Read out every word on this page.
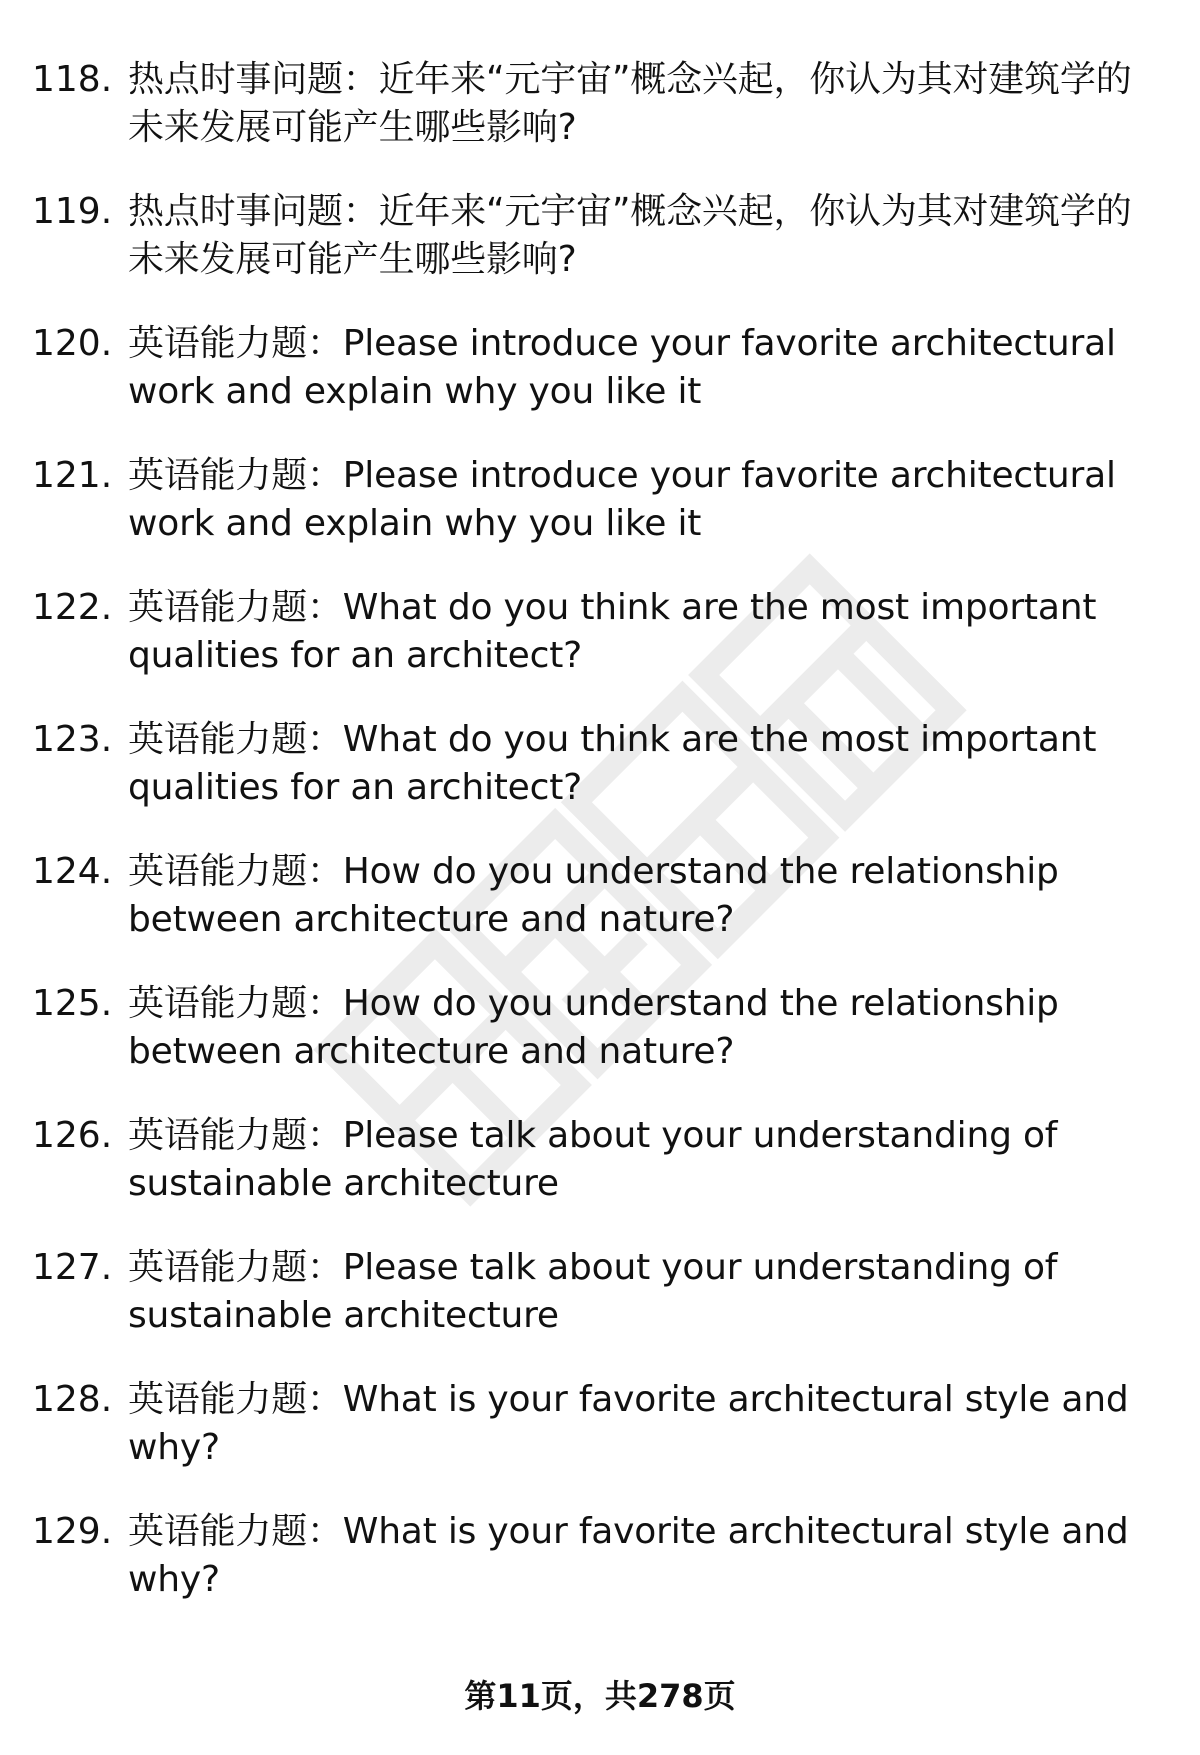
118. 热点时事问题：近年来“元宇宙”概念兴起，你认为其对建筑学的未来发展可能产生哪些影响?
119. 热点时事问题：近年来“元宇宙”概念兴起，你认为其对建筑学的未来发展可能产生哪些影响?
120. 英语能力题：Please introduce your favorite architectural work and explain why you like it
121. 英语能力题：Please introduce your favorite architectural work and explain why you like it
122. 英语能力题：What do you think are the most important qualities for an architect?
123. 英语能力题：What do you think are the most important qualities for an architect?
124. 英语能力题：How do you understand the relationship between architecture and nature?
125. 英语能力题：How do you understand the relationship between architecture and nature?
126. 英语能力题：Please talk about your understanding of sustainable architecture
127. 英语能力题：Please talk about your understanding of sustainable architecture
128. 英语能力题：What is your favorite architectural style and why?
129. 英语能力题：What is your favorite architectural style and why?
第11页，共278页
